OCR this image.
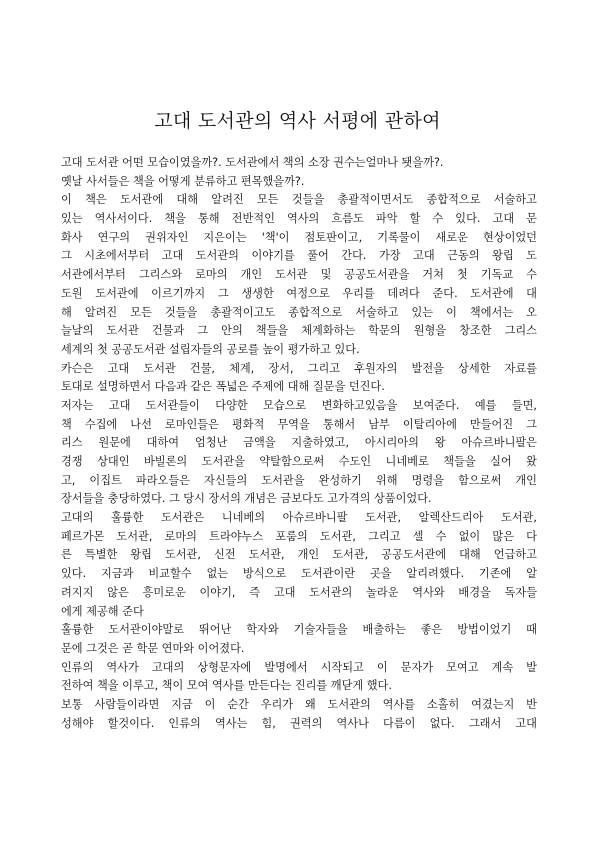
고대 도서관의 역사 서평에 관하여
고대 도서관 어떤 모습이였을까?. 도서관에서 책의 소장 권수는얼마나 됏을까?.
옛날 사서들은 책을 어떻게 분류하고 편목했을까?.
이 책은 도서관에 대해 알려진 모든 것들을 총괄적이면서도 종합적으로 서술하고
있는 역사서이다. 책을 통해 전반적인 역사의 흐름도 파악 할 수 있다. 고대 문
화사 연구의 권위자인 지은이는 '책'이 점토판이고, 기록물이 새로운 현상이었던
그 시초에서부터 고대 도서관의 이야기를 풀어 간다. 가장 고대 근동의 왕립 도
서관에서부터 그리스와 로마의 개인 도서관 및 공공도서관을 거쳐 첫 기독교 수
도원 도서관에 이르기까지 그 생생한 여정으로 우리를 데려다 준다. 도서관에 대
해 알려진 모든 것들을 총괄적이고도 종합적으로 서술하고 있는 이 책에서는 오
늘날의 도서관 건물과 그 안의 책들을 체계화하는 학문의 원형을 창조한 그리스
세계의 첫 공공도서관 설립자들의 공로를 높이 평가하고 있다.
카슨은 고대 도서관 건물, 체계, 장서, 그리고 후원자의 발전을 상세한 자료를
토대로 설명하면서 다음과 같은 폭넓은 주제에 대해 질문을 던진다.
저자는 고대 도서관들이 다양한 모습으로 변화하고있음을 보여준다. 예를 들면,
책 수집에 나선 로마인들은 평화적 무역을 통해서 남부 이탈리아에 만들어진 그
리스 원문에 대하여 엄청난 금액을 지출하였고, 아시리아의 왕 아슈르바니팔은
경쟁 상대인 바빌론의 도서관을 약탈함으로써 수도인 니네베로 책들을 실어 왔
고, 이집트 파라오들은 자신들의 도서관을 완성하기 위해 명령을 함으로써 개인
장서들을 충당하였다. 그 당시 장서의 개념은 금보다도 고가격의 상품이었다.
고대의 훌륭한 도서관은 니네베의 아슈르바니팔 도서관, 알렉산드리아 도서관,
페르가몬 도서관, 로마의 트라야누스 포룸의 도서관, 그리고 셀 수 없이 많은 다
른 특별한 왕립 도서관, 신전 도서관, 개인 도서관, 공공도서관에 대해 언급하고
있다. 지금과 비교할수 없는 방식으로 도서관이란 곳을 알리려했다. 기존에 알
려지지 않은 흥미로운 이야기, 즉 고대 도서관의 놀라운 역사와 배경을 독자들
에게 제공해 준다
훌륭한 도서관이야말로 뛰어난 학자와 기술자들을 배출하는 좋은 방법이었기 때
문에 그것은 곧 학문 연마와 이어졌다.
인류의 역사가 고대의 상형문자에 발명에서 시작되고 이 문자가 모여고 계속 발
전하여 책을 이루고, 책이 모여 역사를 만든다는 진리를 깨닫게 했다.
보통 사람들이라면 지금 이 순간 우리가 왜 도서관의 역사를 소홀히 여겼는지 반
성해야 할것이다. 인류의 역사는 힘, 권력의 역사나 다름이 없다. 그래서 고대
